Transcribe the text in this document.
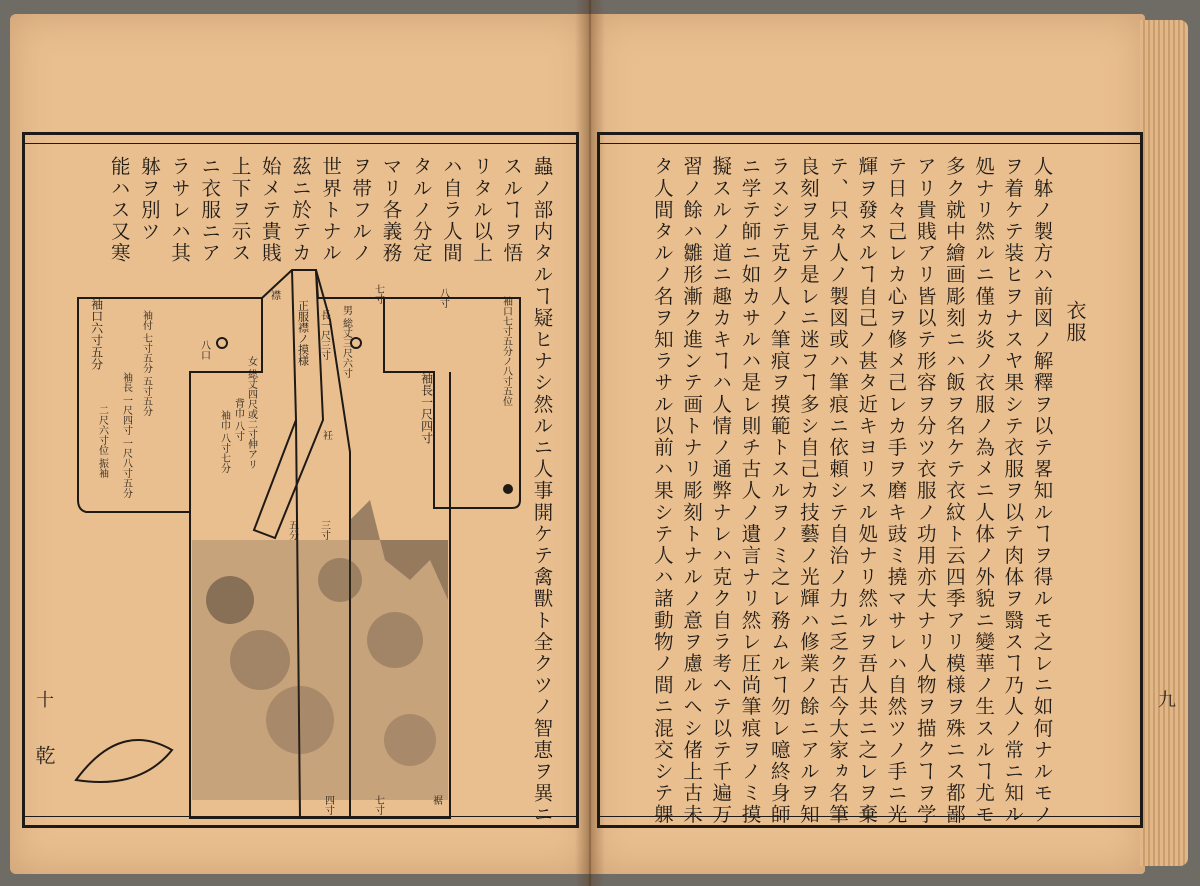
衣服
人躰ノ製方ハ前図ノ解釋ヲ以テ畧知ルヿヲ得ルモ之レニ如何ナルモノ
ヲ着ケテ装ヒヲナスヤ果シテ衣服ヲ以テ肉体ヲ翳スヿ乃人ノ常ニ知ル
処ナリ然ルニ僅カ炎ノ衣服ノ為メニ人体ノ外貌ニ變華ノ生スルヿ尤モ
多ク就中繪画彫刻ニハ飯ヲ名ケテ衣紋ト云四季アリ模様ヲ殊ニス都鄙
アリ貴賎アリ皆以テ形容ヲ分ツ衣服ノ功用亦大ナリ人物ヲ描クヿヲ学
テ日々己レカ心ヲ修メ己レカ手ヲ磨キ豉ミ撓マサレハ自然ツノ手ニ光
輝ヲ發スルヿ自己ノ甚タ近キヨリスル処ナリ然ルヲ吾人共ニ之レヲ棄
テ、只々人ノ製図或ハ筆痕ニ依頼シテ自治ノ力ニ乏ク古今大家ヵ名筆
良刻ヲ見テ是レニ迷フヿ多シ自己カ技藝ノ光輝ハ修業ノ餘ニアルヲ知
ラスシテ克ク人ノ筆痕ヲ摸範トスルヲノミ之レ務ムルヿ勿レ噫終身師
ニ学テ師ニ如カサルハ是レ則チ古人ノ遺言ナリ然レ圧尚筆痕ヲノミ摸
擬スルノ道ニ趣カキヿハ人情ノ通弊ナレハ克ク自ラ考ヘテ以テ千遍万
習ノ餘ハ雛形漸ク進ンテ画トナリ彫刻トナルノ意ヲ慮ルヘシ偖上古未
タ人間タルノ名ヲ知ラサル以前ハ果シテ人ハ諸動物ノ間ニ混交シテ躶
蟲ノ部内タルヿ疑ヒナシ然ルニ人事開ケテ禽獸ト全クツノ智恵ヲ異ニ
スルヿヲ悟
リタル以上
ハ自ラ人間
タルノ分定
マリ各義務
ヲ帯フルノ
世界トナル
茲ニ於テカ
始メテ貴賎
上下ヲ示ス
ニ衣服ニア
ラサレハ其
躰ヲ別ツ
能ハス又寒
袖口六寸五分	袖付 七寸五分 五寸五分
袖長 一尺四寸 一尺八寸五分
二尺六寸位 振袖
八口
女 総丈四尺或二寸伸アリ
背巾 八寸
袖巾 八寸七分
男 総丈三尺六寸
長一尺三寸
正服襟ノ摸様
襟	七寸
袖長一尺四寸
袖口七寸五分ノ八寸五位
八寸
五分 三寸
四寸	七寸	裾
衽
乾
十	九
